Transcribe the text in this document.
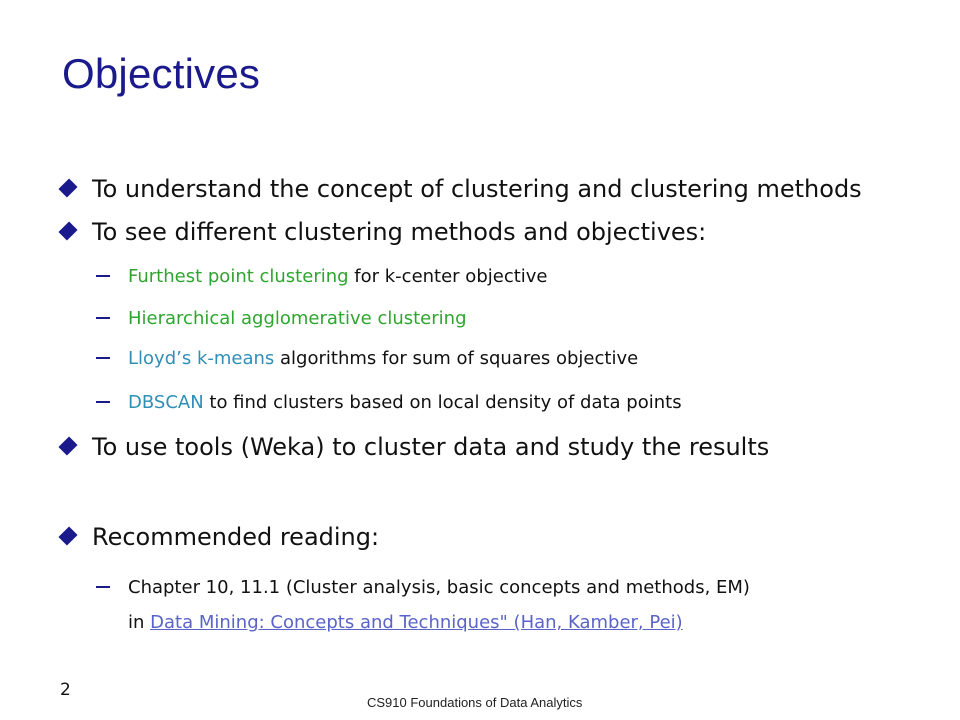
Objectives
To understand the concept of clustering and clustering methods
To see different clustering methods and objectives:
Furthest point clustering for k-center objective
Hierarchical agglomerative clustering
Lloyd’s k-means algorithms for sum of squares objective
DBSCAN to find clusters based on local density of data points
To use tools (Weka) to cluster data and study the results
Recommended reading:
Chapter 10, 11.1 (Cluster analysis, basic concepts and methods, EM)
in Data Mining: Concepts and Techniques" (Han, Kamber, Pei)
2
CS910 Foundations of Data Analytics
